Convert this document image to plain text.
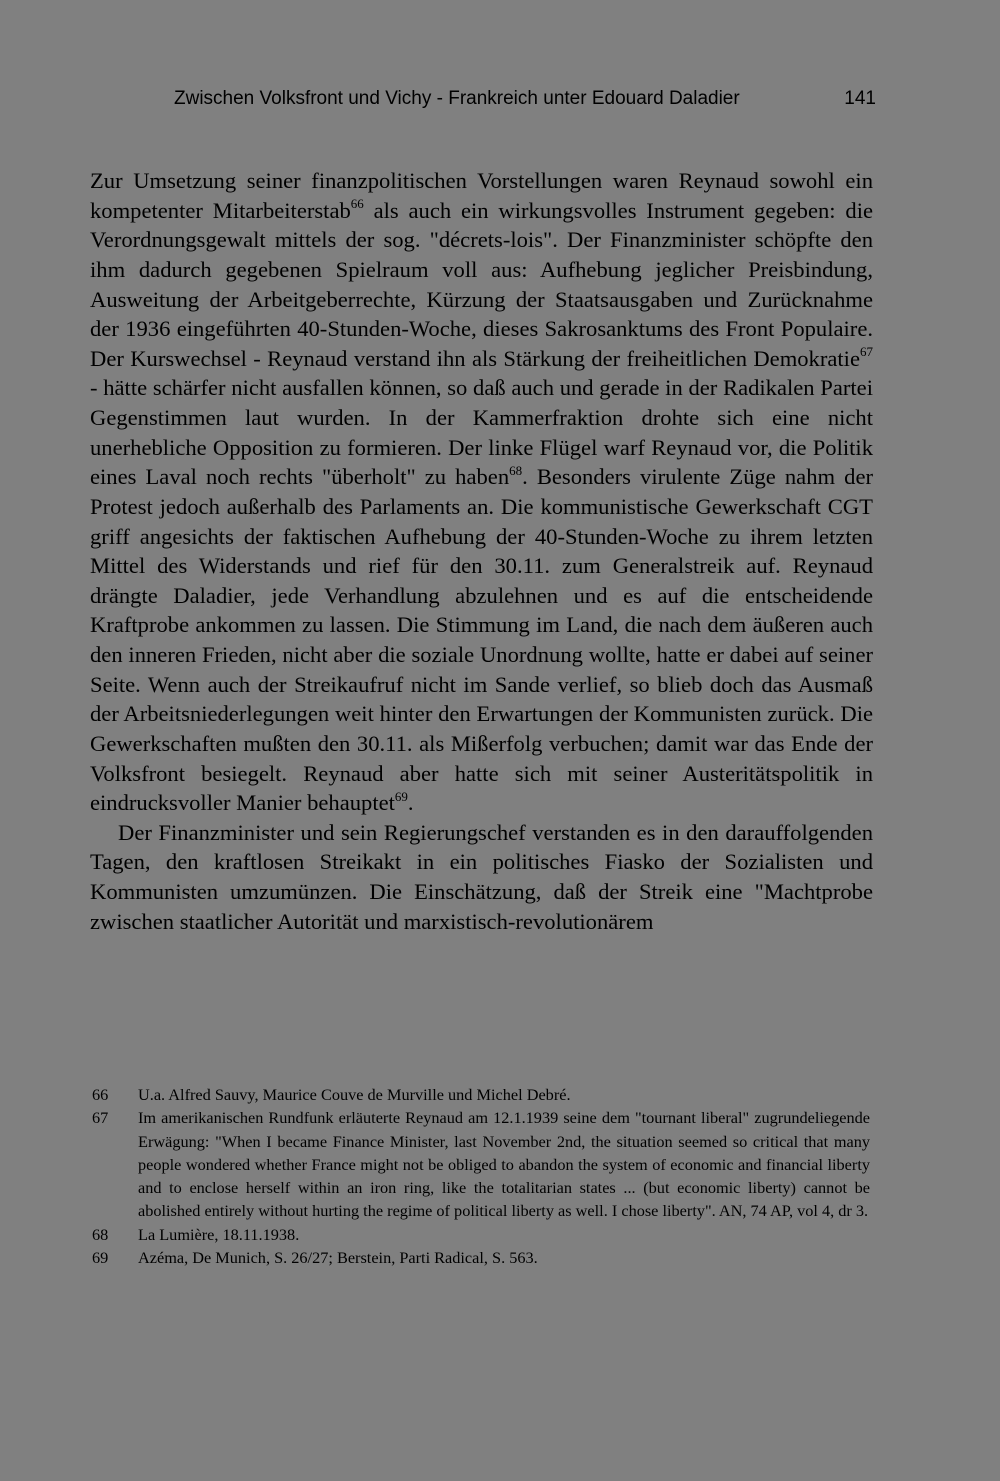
Zwischen Volksfront und Vichy - Frankreich unter Edouard Daladier	141

Zur Umsetzung seiner finanzpolitischen Vorstellungen waren Reynaud sowohl ein kompetenter Mitarbeiterstab$^{66}$ als auch ein wirkungsvolles Instrument gegeben: die Verordnungsgewalt mittels der sog. "décrets-lois". Der Finanzminister schöpfte den ihm dadurch gegebenen Spielraum voll aus: Aufhebung jeglicher Preisbindung, Ausweitung der Arbeitgeberrechte, Kürzung der Staatsausgaben und Zurücknahme der 1936 eingeführten 40-Stunden-Woche, dieses Sakrosanktums des Front Populaire. Der Kurswechsel - Reynaud verstand ihn als Stärkung der freiheitlichen Demokratie$^{67}$ - hätte schärfer nicht ausfallen können, so daß auch und gerade in der Radikalen Partei Gegenstimmen laut wurden. In der Kammerfraktion drohte sich eine nicht unerhebliche Opposition zu formieren. Der linke Flügel warf Reynaud vor, die Politik eines Laval noch rechts "überholt" zu haben$^{68}$. Besonders virulente Züge nahm der Protest jedoch außerhalb des Parlaments an. Die kommunistische Gewerkschaft CGT griff angesichts der faktischen Aufhebung der 40-Stunden-Woche zu ihrem letzten Mittel des Widerstands und rief für den 30.11. zum Generalstreik auf. Reynaud drängte Daladier, jede Verhandlung abzulehnen und es auf die entscheidende Kraftprobe ankommen zu lassen. Die Stimmung im Land, die nach dem äußeren auch den inneren Frieden, nicht aber die soziale Unordnung wollte, hatte er dabei auf seiner Seite. Wenn auch der Streikaufruf nicht im Sande verlief, so blieb doch das Ausmaß der Arbeitsniederlegungen weit hinter den Erwartungen der Kommunisten zurück. Die Gewerkschaften mußten den 30.11. als Mißerfolg verbuchen; damit war das Ende der Volksfront besiegelt. Reynaud aber hatte sich mit seiner Austeritätspolitik in eindrucksvoller Manier behauptet$^{69}$.

Der Finanzminister und sein Regierungschef verstanden es in den darauffolgenden Tagen, den kraftlosen Streikakt in ein politisches Fiasko der Sozialisten und Kommunisten umzumünzen. Die Einschätzung, daß der Streik eine "Machtprobe zwischen staatlicher Autorität und marxistisch-revolutionärem

66	U.a. Alfred Sauvy, Maurice Couve de Murville und Michel Debré.
67	Im amerikanischen Rundfunk erläuterte Reynaud am 12.1.1939 seine dem "tournant liberal" zugrundeliegende Erwägung: "When I became Finance Minister, last November 2nd, the situation seemed so critical that many people wondered whether France might not be obliged to abandon the system of economic and financial liberty and to enclose herself within an iron ring, like the totalitarian states ... (but economic liberty) cannot be abolished entirely without hurting the regime of political liberty as well. I chose liberty". AN, 74 AP, vol 4, dr 3.
68	La Lumière, 18.11.1938.
69	Azéma, De Munich, S. 26/27; Berstein, Parti Radical, S. 563.
